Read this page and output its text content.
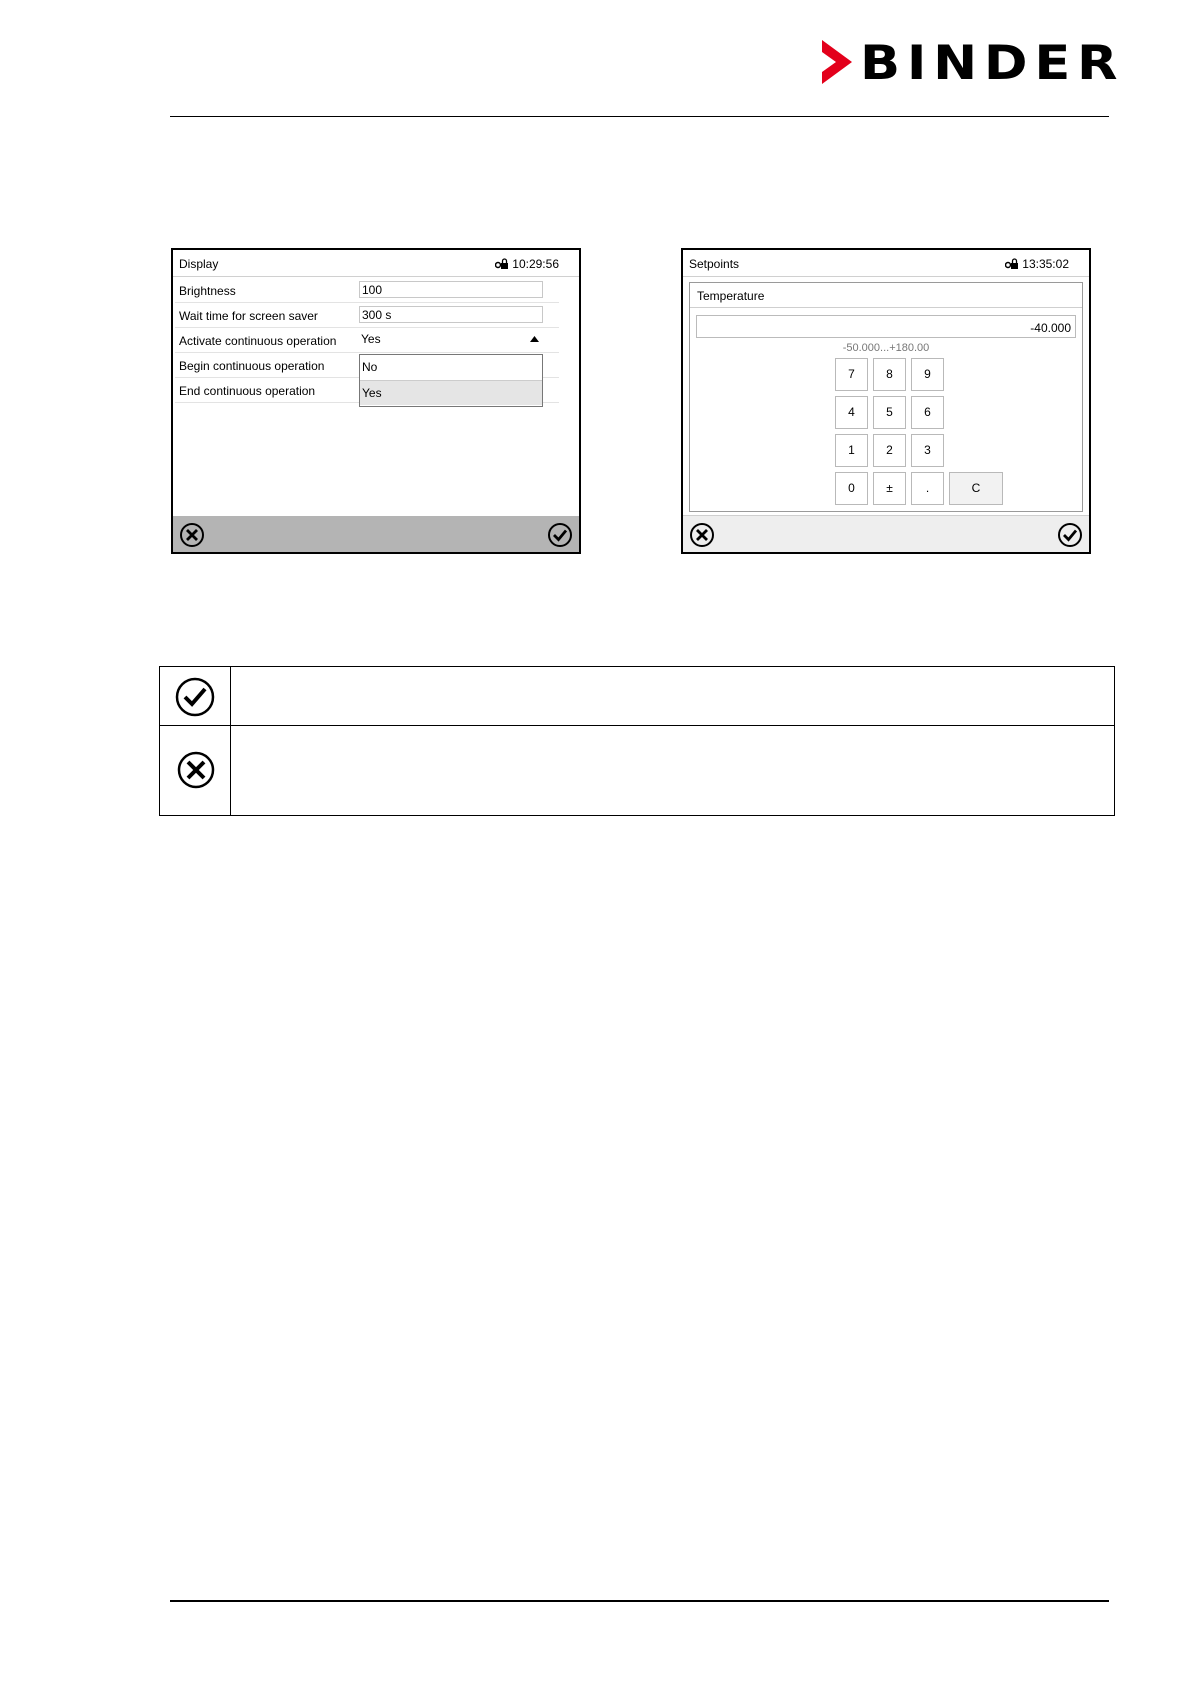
BINDER
Display	10:29:56
Brightness	100
Wait time for screen saver	300 s
Activate continuous operation Yes
Begin continuous operation
End continuous operation
No
Yes
Setpoints	13:35:02
Temperature
-40.000
-50.000...+180.00
7	8	9
4	5	6
1	2	3
0	±	.	C
